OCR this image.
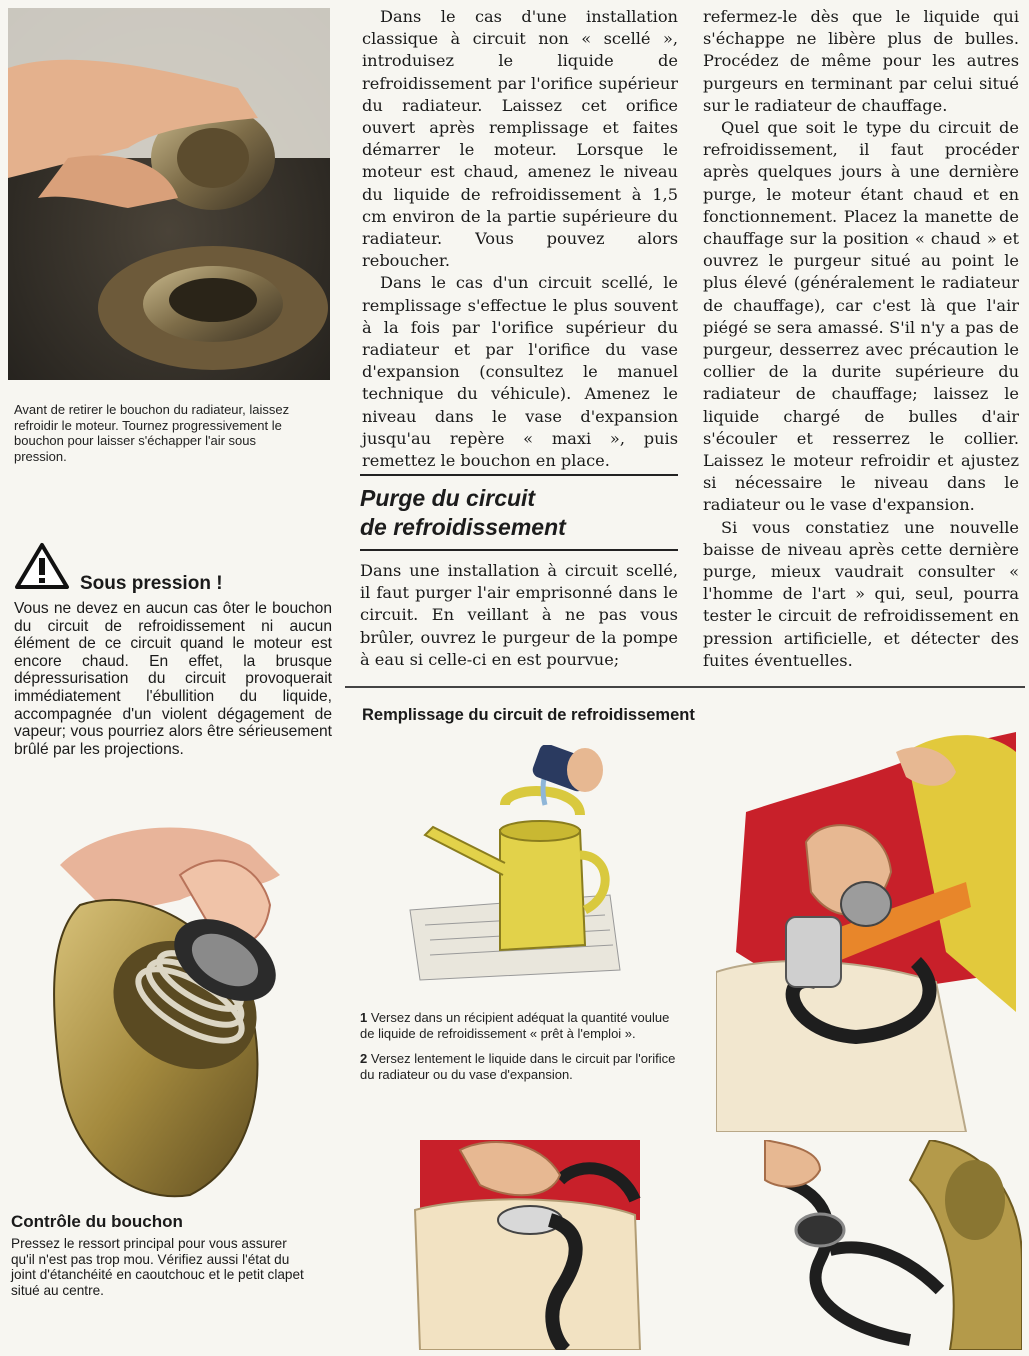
Avant de retirer le bouchon du radiateur, laissez refroidir le moteur. Tournez progressivement le bouchon pour laisser s'échapper l'air sous pression.
Sous pression !
Vous ne devez en aucun cas ôter le bouchon du circuit de refroidissement ni aucun élément de ce circuit quand le moteur est encore chaud. En effet, la brusque dépressurisation du circuit provoquerait immédiatement l'ébullition du liquide, accompagnée d'un violent dégagement de vapeur; vous pourriez alors être sérieusement brûlé par les projections.
Contrôle du bouchon
Pressez le ressort principal pour vous assurer qu'il n'est pas trop mou. Vérifiez aussi l'état du joint d'étanchéité en caoutchouc et le petit clapet situé au centre.

Dans le cas d'une installation classique à circuit non « scellé », introduisez le liquide de refroidissement par l'orifice supérieur du radiateur. Laissez cet orifice ouvert après remplissage et faites démarrer le moteur. Lorsque le moteur est chaud, amenez le niveau du liquide de refroidissement à 1,5 cm environ de la partie supérieure du radiateur. Vous pouvez alors reboucher.

Dans le cas d'un circuit scellé, le remplissage s'effectue le plus souvent à la fois par l'orifice supérieur du radiateur et par l'orifice du vase d'expansion (consultez le manuel technique du véhicule). Amenez le niveau dans le vase d'expansion jusqu'au repère « maxi », puis remettez le bouchon en place.

Purge du circuit
de refroidissement

Dans une installation à circuit scellé, il faut purger l'air emprisonné dans le circuit. En veillant à ne pas vous brûler, ouvrez le purgeur de la pompe à eau si celle-ci en est pourvue;

refermez-le dès que le liquide qui s'échappe ne libère plus de bulles. Procédez de même pour les autres purgeurs en terminant par celui situé sur le radiateur de chauffage.

Quel que soit le type du circuit de refroidissement, il faut procéder après quelques jours à une dernière purge, le moteur étant chaud et en fonctionnement. Placez la manette de chauffage sur la position « chaud » et ouvrez le purgeur situé au point le plus élevé (généralement le radiateur de chauffage), car c'est là que l'air piégé se sera amassé. S'il n'y a pas de purgeur, desserrez avec précaution le collier de la durite supérieure du radiateur de chauffage; laissez le liquide chargé de bulles d'air s'écouler et resserrez le collier. Laissez le moteur refroidir et ajustez si nécessaire le niveau dans le radiateur ou le vase d'expansion.

Si vous constatiez une nouvelle baisse de niveau après cette dernière purge, mieux vaudrait consulter « l'homme de l'art » qui, seul, pourra tester le circuit de refroidissement en pression artificielle, et détecter des fuites éventuelles.

Remplissage du circuit de refroidissement

1 Versez dans un récipient adéquat la quantité voulue de liquide de refroidissement « prêt à l'emploi ».

2 Versez lentement le liquide dans le circuit par l'orifice du radiateur ou du vase d'expansion.
